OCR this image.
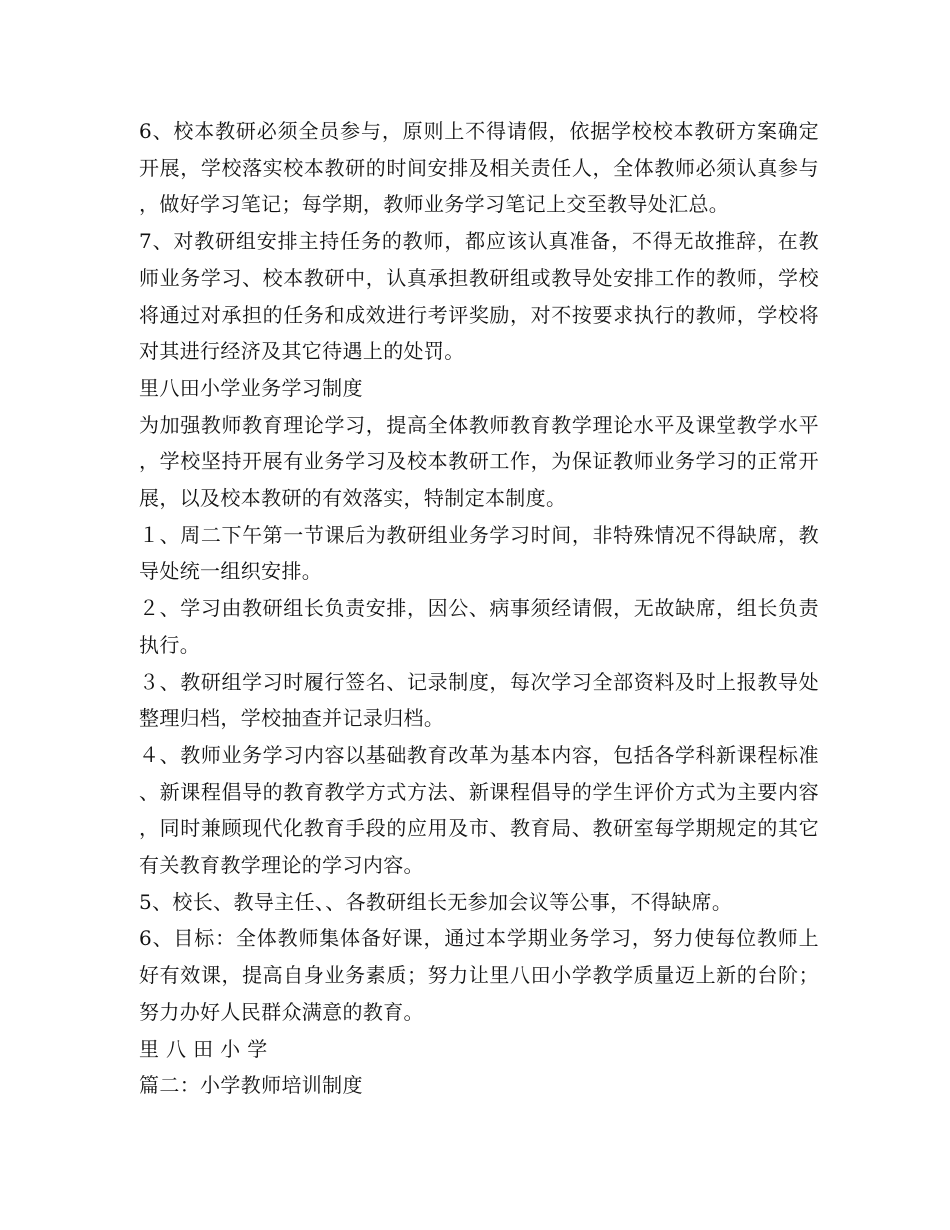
6、校本教研必须全员参与，原则上不得请假，依据学校校本教研方案确定开展，学校落实校本教研的时间安排及相关责任人，全体教师必须认真参与，做好学习笔记；每学期，教师业务学习笔记上交至教导处汇总。

7、对教研组安排主持任务的教师，都应该认真准备，不得无故推辞，在教师业务学习、校本教研中，认真承担教研组或教导处安排工作的教师，学校将通过对承担的任务和成效进行考评奖励，对不按要求执行的教师，学校将对其进行经济及其它待遇上的处罚。

里八田小学业务学习制度

为加强教师教育理论学习，提高全体教师教育教学理论水平及课堂教学水平，学校坚持开展有业务学习及校本教研工作，为保证教师业务学习的正常开展，以及校本教研的有效落实，特制定本制度。

１、周二下午第一节课后为教研组业务学习时间，非特殊情况不得缺席，教导处统一组织安排。

２、学习由教研组长负责安排，因公、病事须经请假，无故缺席，组长负责执行。

３、教研组学习时履行签名、记录制度，每次学习全部资料及时上报教导处整理归档，学校抽查并记录归档。

４、教师业务学习内容以基础教育改革为基本内容，包括各学科新课程标准、新课程倡导的教育教学方式方法、新课程倡导的学生评价方式为主要内容，同时兼顾现代化教育手段的应用及市、教育局、教研室每学期规定的其它有关教育教学理论的学习内容。

5、校长、教导主任、、各教研组长无参加会议等公事，不得缺席。

6、目标：全体教师集体备好课，通过本学期业务学习，努力使每位教师上好有效课，提高自身业务素质；努力让里八田小学教学质量迈上新的台阶；努力办好人民群众满意的教育。

里 八 田 小 学

篇二：小学教师培训制度
